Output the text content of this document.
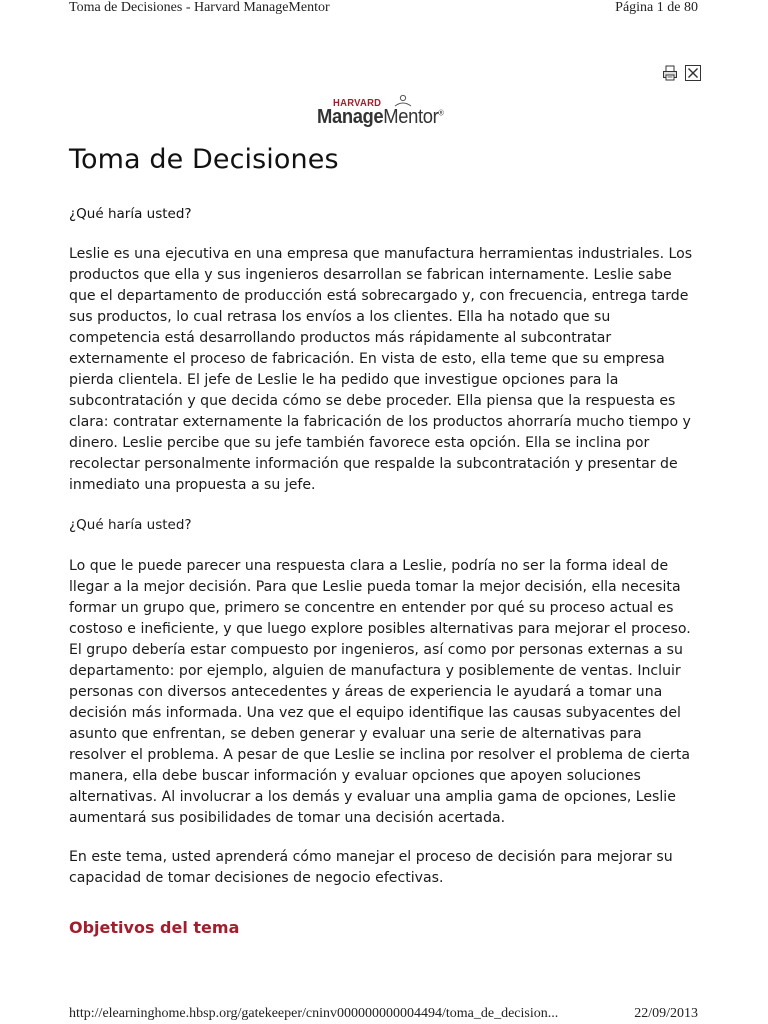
Toma de Decisiones - Harvard ManageMentor	Página 1 de 80

HARVARD
ManageMentor®
Toma de Decisiones

¿Qué haría usted?

Leslie es una ejecutiva en una empresa que manufactura herramientas industriales. Los productos que ella y sus ingenieros desarrollan se fabrican internamente. Leslie sabe que el departamento de producción está sobrecargado y, con frecuencia, entrega tarde sus productos, lo cual retrasa los envíos a los clientes. Ella ha notado que su competencia está desarrollando productos más rápidamente al subcontratar externamente el proceso de fabricación. En vista de esto, ella teme que su empresa pierda clientela. El jefe de Leslie le ha pedido que investigue opciones para la subcontratación y que decida cómo se debe proceder. Ella piensa que la respuesta es clara: contratar externamente la fabricación de los productos ahorraría mucho tiempo y dinero. Leslie percibe que su jefe también favorece esta opción. Ella se inclina por recolectar personalmente información que respalde la subcontratación y presentar de inmediato una propuesta a su jefe.

¿Qué haría usted?

Lo que le puede parecer una respuesta clara a Leslie, podría no ser la forma ideal de llegar a la mejor decisión. Para que Leslie pueda tomar la mejor decisión, ella necesita formar un grupo que, primero se concentre en entender por qué su proceso actual es costoso e ineficiente, y que luego explore posibles alternativas para mejorar el proceso. El grupo debería estar compuesto por ingenieros, así como por personas externas a su departamento: por ejemplo, alguien de manufactura y posiblemente de ventas. Incluir personas con diversos antecedentes y áreas de experiencia le ayudará a tomar una decisión más informada. Una vez que el equipo identifique las causas subyacentes del asunto que enfrentan, se deben generar y evaluar una serie de alternativas para resolver el problema. A pesar de que Leslie se inclina por resolver el problema de cierta manera, ella debe buscar información y evaluar opciones que apoyen soluciones alternativas. Al involucrar a los demás y evaluar una amplia gama de opciones, Leslie aumentará sus posibilidades de tomar una decisión acertada.

En este tema, usted aprenderá cómo manejar el proceso de decisión para mejorar su capacidad de tomar decisiones de negocio efectivas.

Objetivos del tema
http://elearninghome.hbsp.org/gatekeeper/cninv000000000004494/toma_de_decision...	22/09/2013
